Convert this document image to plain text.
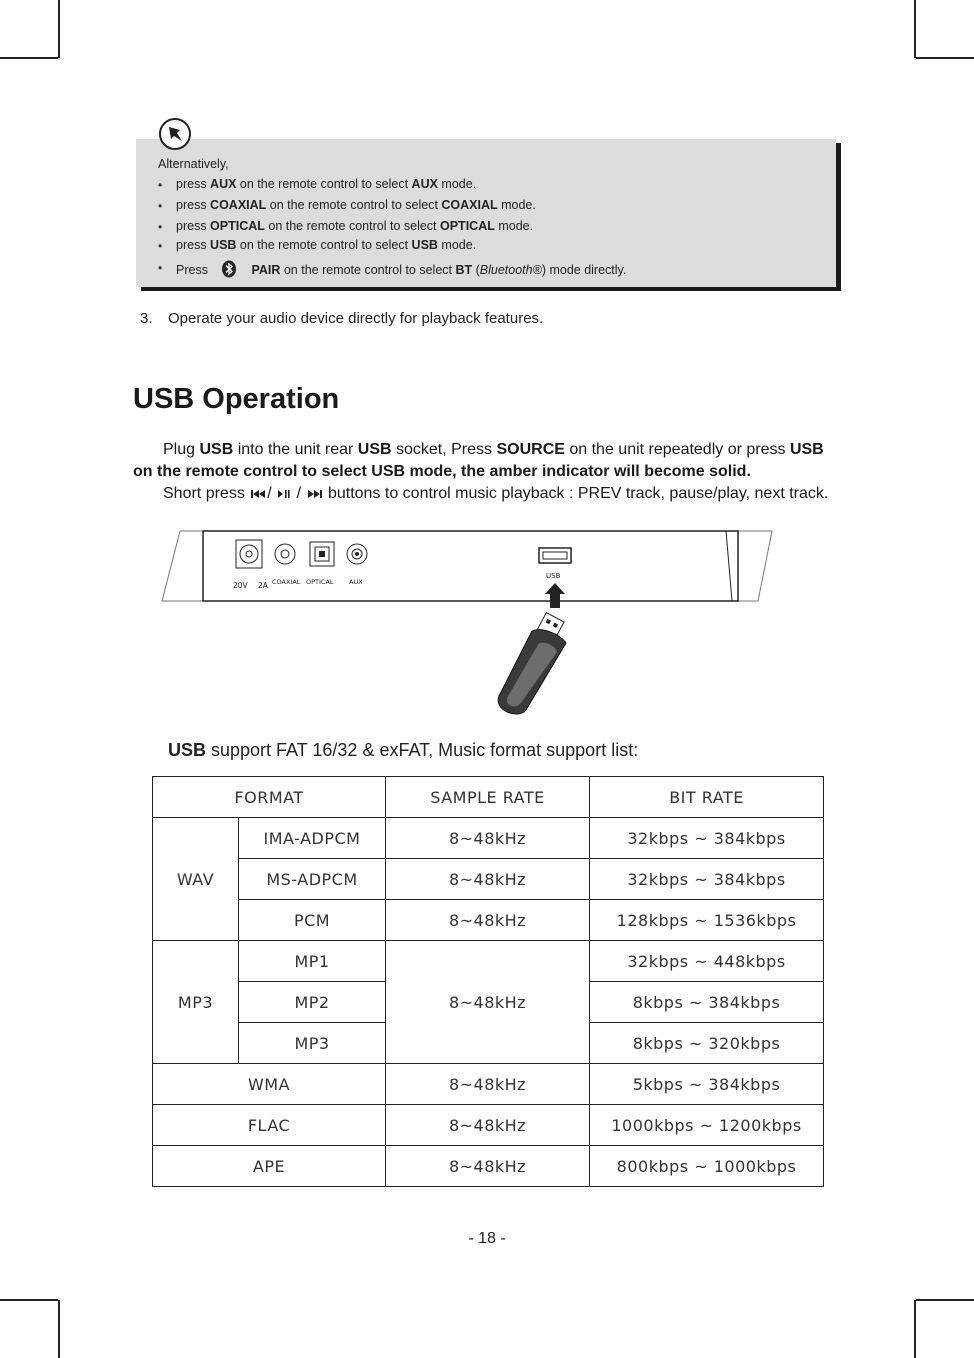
Alternatively,
• press AUX on the remote control to select AUX mode.
• press COAXIAL on the remote control to select COAXIAL mode.
• press OPTICAL on the remote control to select OPTICAL mode.
• press USB on the remote control to select USB mode.
• Press	PAIR on the remote control to select BT (Bluetooth®) mode directly.
3. Operate your audio device directly for playback features.
USB Operation
Plug USB into the unit rear USB socket, Press SOURCE on the unit repeatedly or press USB
on the remote control to select USB mode, the amber indicator will become solid.
Short press /  /  buttons to control music playback : PREV track, pause/play, next track.
20V 2A COAXIAL OPTICAL AUX
USB
USB support FAT 16/32 & exFAT, Music format support list:
FORMAT		SAMPLE RATE	BIT RATE
WAV	IMA-ADPCM	8~48kHz	32kbps ~ 384kbps
	MS-ADPCM	8~48kHz	32kbps ~ 384kbps
	PCM	8~48kHz	128kbps ~ 1536kbps
MP3	MP1	8~48kHz	32kbps ~ 448kbps
	MP2		8kbps ~ 384kbps
	MP3		8kbps ~ 320kbps
WMA		8~48kHz	5kbps ~ 384kbps
FLAC		8~48kHz	1000kbps ~ 1200kbps
APE		8~48kHz	800kbps ~ 1000kbps
- 18 -
